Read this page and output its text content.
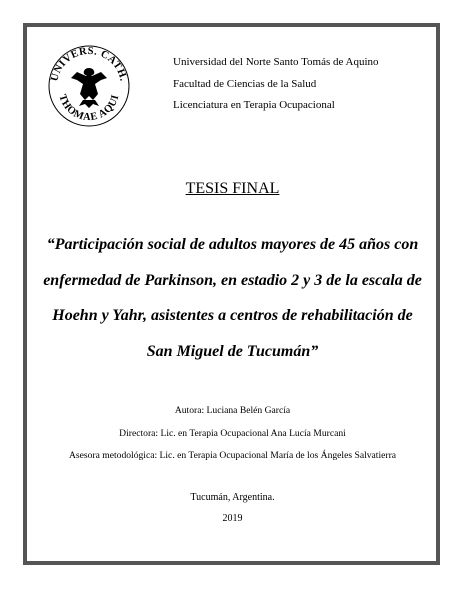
UNIVERS. CATH.
THOMAE AQUI
Universidad del Norte Santo Tomás de Aquino
Facultad de Ciencias de la Salud
Licenciatura en Terapia Ocupacional
TESIS FINAL
“Participación social de adultos mayores de 45 años con
enfermedad de Parkinson, en estadio 2 y 3 de la escala de
Hoehn y Yahr, asistentes a centros de rehabilitación de
San Miguel de Tucumán”
Autora: Luciana Belén García
Directora: Lic. en Terapia Ocupacional Ana Lucía Murcani
Asesora metodológica: Lic. en Terapia Ocupacional María de los Ángeles Salvatierra
Tucumán, Argentina.
2019
